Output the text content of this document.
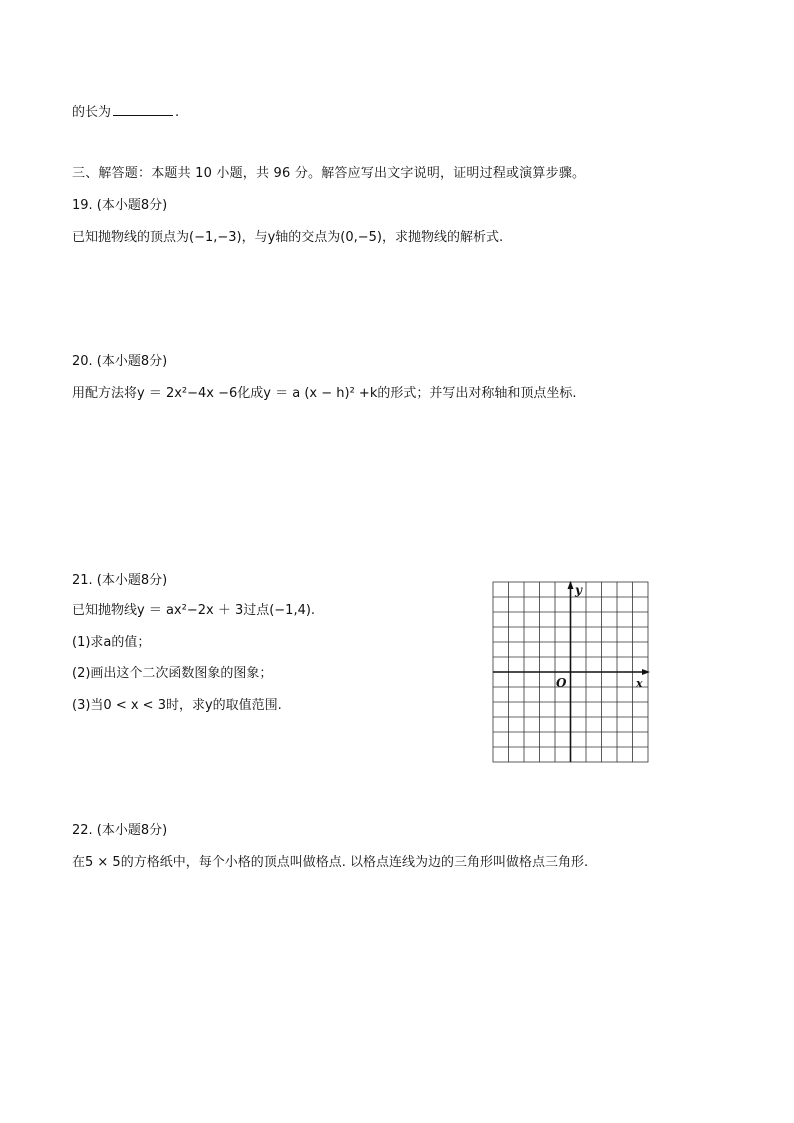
的长为	.
三、解答题：本题共 10 小题，共 96 分。解答应写出文字说明，证明过程或演算步骤。
19. (本小题8分)
已知抛物线的顶点为(−1,−3)，与y轴的交点为(0,−5)，求抛物线的解析式.
20. (本小题8分)
用配方法将y ＝ 2x²−4x −6化成y ＝ a (x − h)² +k的形式；并写出对称轴和顶点坐标.
21. (本小题8分)
已知抛物线y ＝ ax²−2x ＋ 3过点(−1,4).
(1)求a的值；
(2)画出这个二次函数图象的图象；
(3)当0 < x < 3时，求y的取值范围.
y
x
O
22. (本小题8分)
在5 × 5的方格纸中，每个小格的顶点叫做格点. 以格点连线为边的三角形叫做格点三角形.
